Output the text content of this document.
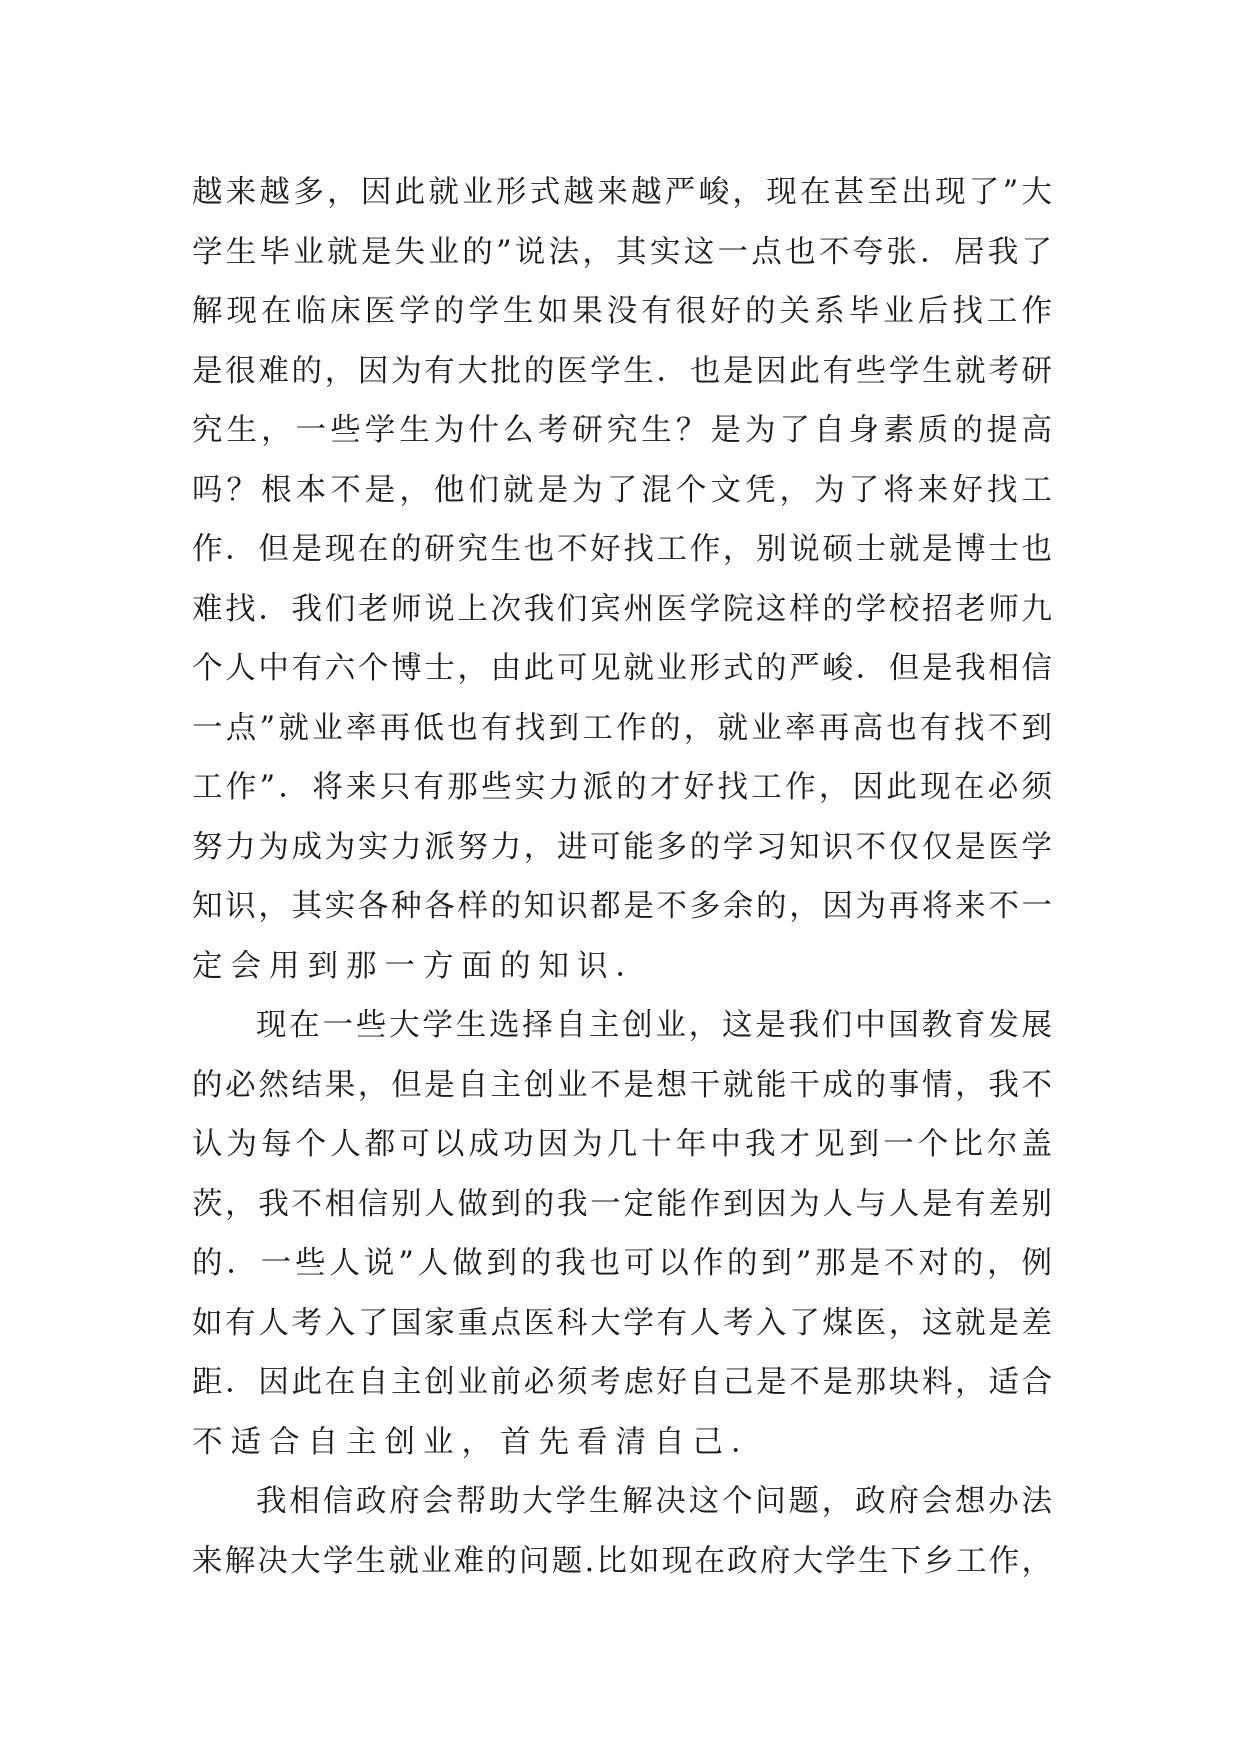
越来越多，因此就业形式越来越严峻，现在甚至出现了”大
学生毕业就是失业的”说法，其实这一点也不夸张．居我了
解现在临床医学的学生如果没有很好的关系毕业后找工作
是很难的，因为有大批的医学生．也是因此有些学生就考研
究生，一些学生为什么考研究生？是为了自身素质的提高
吗？根本不是，他们就是为了混个文凭，为了将来好找工
作．但是现在的研究生也不好找工作，别说硕士就是博士也
难找．我们老师说上次我们宾州医学院这样的学校招老师九
个人中有六个博士，由此可见就业形式的严峻．但是我相信
一点”就业率再低也有找到工作的，就业率再高也有找不到
工作”．将来只有那些实力派的才好找工作，因此现在必须
努力为成为实力派努力，进可能多的学习知识不仅仅是医学
知识，其实各种各样的知识都是不多余的，因为再将来不一
定会用到那一方面的知识．
现在一些大学生选择自主创业，这是我们中国教育发展
的必然结果，但是自主创业不是想干就能干成的事情，我不
认为每个人都可以成功因为几十年中我才见到一个比尔盖
茨，我不相信别人做到的我一定能作到因为人与人是有差别
的．一些人说”人做到的我也可以作的到”那是不对的，例
如有人考入了国家重点医科大学有人考入了煤医，这就是差
距．因此在自主创业前必须考虑好自己是不是那块料，适合
不适合自主创业，首先看清自己．
我相信政府会帮助大学生解决这个问题，政府会想办法
来解决大学生就业难的问题.比如现在政府大学生下乡工作，
